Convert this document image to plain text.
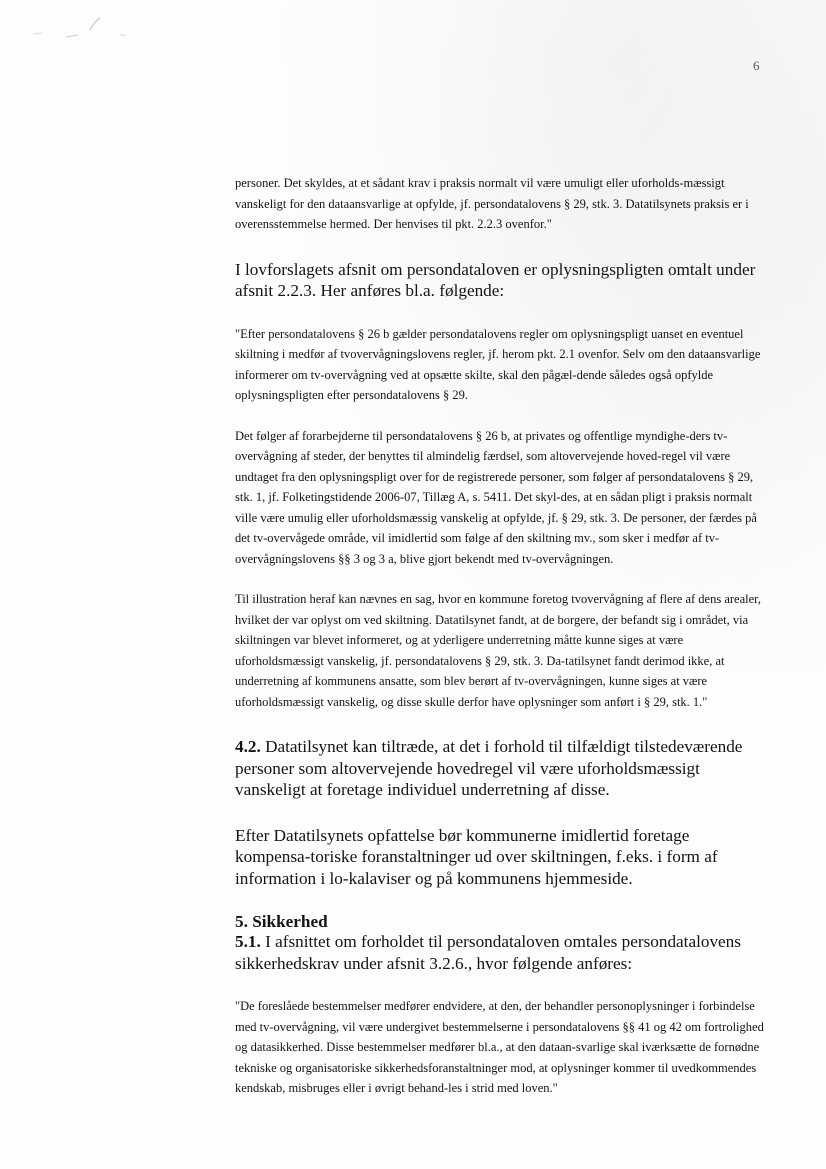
6

personer. Det skyldes, at et sådant krav i praksis normalt vil være umuligt eller uforholds-mæssigt vanskeligt for den dataansvarlige at opfylde, jf. persondatalovens § 29, stk. 3. Datatilsynets praksis er i overensstemmelse hermed. Der henvises til pkt. 2.2.3 ovenfor."

I lovforslagets afsnit om persondataloven er oplysningspligten omtalt under afsnit 2.2.3. Her anføres bl.a. følgende:

"Efter persondatalovens § 26 b gælder persondatalovens regler om oplysningspligt uanset en eventuel skiltning i medfør af tvovervågningslovens regler, jf. herom pkt. 2.1 ovenfor. Selv om den dataansvarlige informerer om tv-overvågning ved at opsætte skilte, skal den pågæl-dende således også opfylde oplysningspligten efter persondatalovens § 29.

Det følger af forarbejderne til persondatalovens § 26 b, at privates og offentlige myndighe-ders tv-overvågning af steder, der benyttes til almindelig færdsel, som altovervejende hoved-regel vil være undtaget fra den oplysningspligt over for de registrerede personer, som følger af persondatalovens § 29, stk. 1, jf. Folketingstidende 2006-07, Tillæg A, s. 5411. Det skyl-des, at en sådan pligt i praksis normalt ville være umulig eller uforholdsmæssig vanskelig at opfylde, jf. § 29, stk. 3. De personer, der færdes på det tv-overvågede område, vil imidlertid som følge af den skiltning mv., som sker i medfør af tv-overvågningslovens §§ 3 og 3 a, blive gjort bekendt med tv-overvågningen.

Til illustration heraf kan nævnes en sag, hvor en kommune foretog tvovervågning af flere af dens arealer, hvilket der var oplyst om ved skiltning. Datatilsynet fandt, at de borgere, der befandt sig i området, via skiltningen var blevet informeret, og at yderligere underretning måtte kunne siges at være uforholdsmæssigt vanskelig, jf. persondatalovens § 29, stk. 3. Da-tatilsynet fandt derimod ikke, at underretning af kommunens ansatte, som blev berørt af tv-overvågningen, kunne siges at være uforholdsmæssigt vanskelig, og disse skulle derfor have oplysninger som anført i § 29, stk. 1."

4.2. Datatilsynet kan tiltræde, at det i forhold til tilfældigt tilstedeværende personer som altovervejende hovedregel vil være uforholdsmæssigt vanskeligt at foretage individuel underretning af disse.

Efter Datatilsynets opfattelse bør kommunerne imidlertid foretage kompensa-toriske foranstaltninger ud over skiltningen, f.eks. i form af information i lo-kalaviser og på kommunens hjemmeside.

5. Sikkerhed

5.1. I afsnittet om forholdet til persondataloven omtales persondatalovens sikkerhedskrav under afsnit 3.2.6., hvor følgende anføres:

"De foreslåede bestemmelser medfører endvidere, at den, der behandler personoplysninger i forbindelse med tv-overvågning, vil være undergivet bestemmelserne i persondatalovens §§ 41 og 42 om fortrolighed og datasikkerhed. Disse bestemmelser medfører bl.a., at den dataan-svarlige skal iværksætte de fornødne tekniske og organisatoriske sikkerhedsforanstaltninger mod, at oplysninger kommer til uvedkommendes kendskab, misbruges eller i øvrigt behand-les i strid med loven."
